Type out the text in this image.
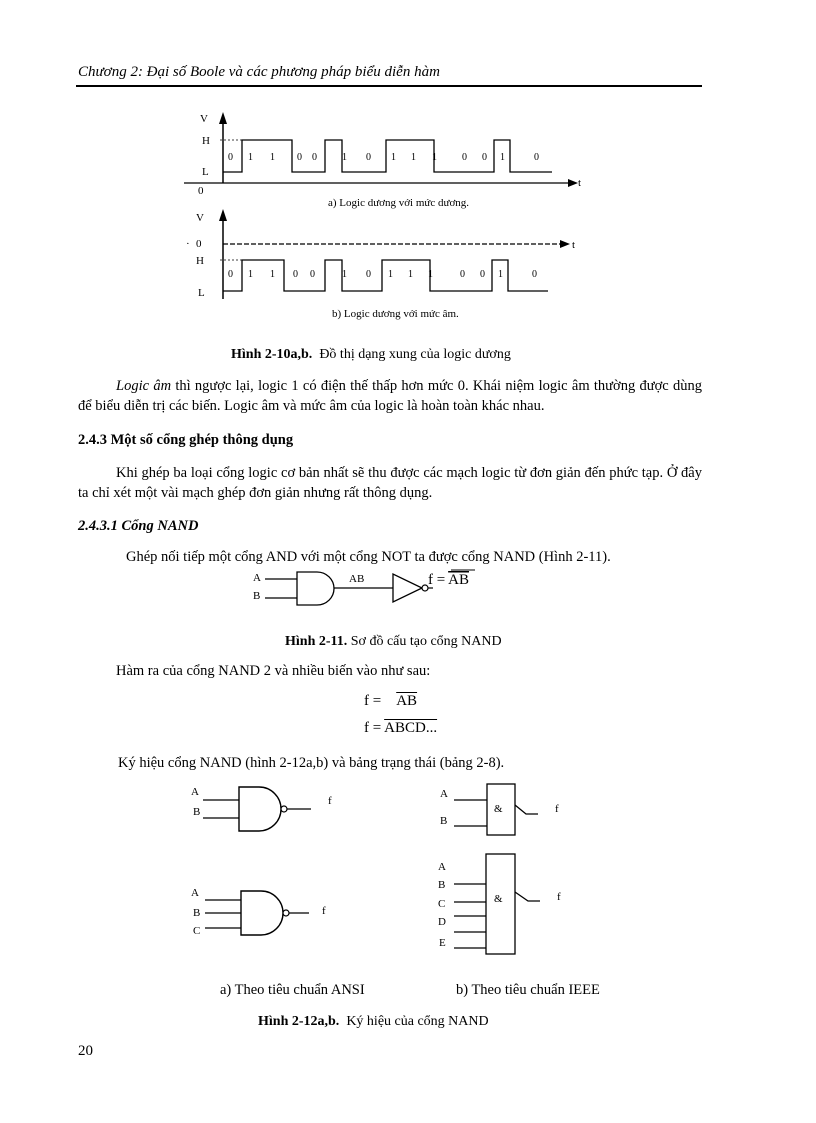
Chương 2: Đại số Boole và các phương pháp biểu diễn hàm
V
H
L
0
t
0 1 1 0 0	1 0 1 1 1	0 0 1	0
a) Logic dương với mức dương.
V
· 0
H
L
t
0 1 1 0 0	1 0 1 1 1	0 0 1	0
b) Logic dương với mức âm.
Hình 2-10a,b. Đồ thị dạng xung của logic dương
Logic âm thì ngược lại, logic 1 có điện thế thấp hơn mức 0. Khái niệm logic âm thường được dùng để biểu diễn trị các biến. Logic âm và mức âm của logic là hoàn toàn khác nhau.
2.4.3 Một số cổng ghép thông dụng
Khi ghép ba loại cổng logic cơ bản nhất sẽ thu được các mạch logic từ đơn giản đến phức tạp. Ở đây ta chỉ xét một vài mạch ghép đơn giản nhưng rất thông dụng.
2.4.3.1 Cổng NAND
Ghép nối tiếp một cổng AND với một cổng NOT ta được cổng NAND (Hình 2-11).
A
B
AB	f = AB
Hình 2-11. Sơ đồ cấu tạo cổng NAND
Hàm ra của cổng NAND 2 và nhiều biến vào như sau:
f =    $\overline{AB}$
f = ABCD...
Ký hiệu cổng NAND (hình 2-12a,b) và bảng trạng thái (bảng 2-8).
A
B
f
A
B
C
f
A
B
&	f
A
B
C
D
E
&	f
a) Theo tiêu chuẩn ANSI	b) Theo tiêu chuẩn IEEE
Hình 2-12a,b. Ký hiệu của cổng NAND
20
